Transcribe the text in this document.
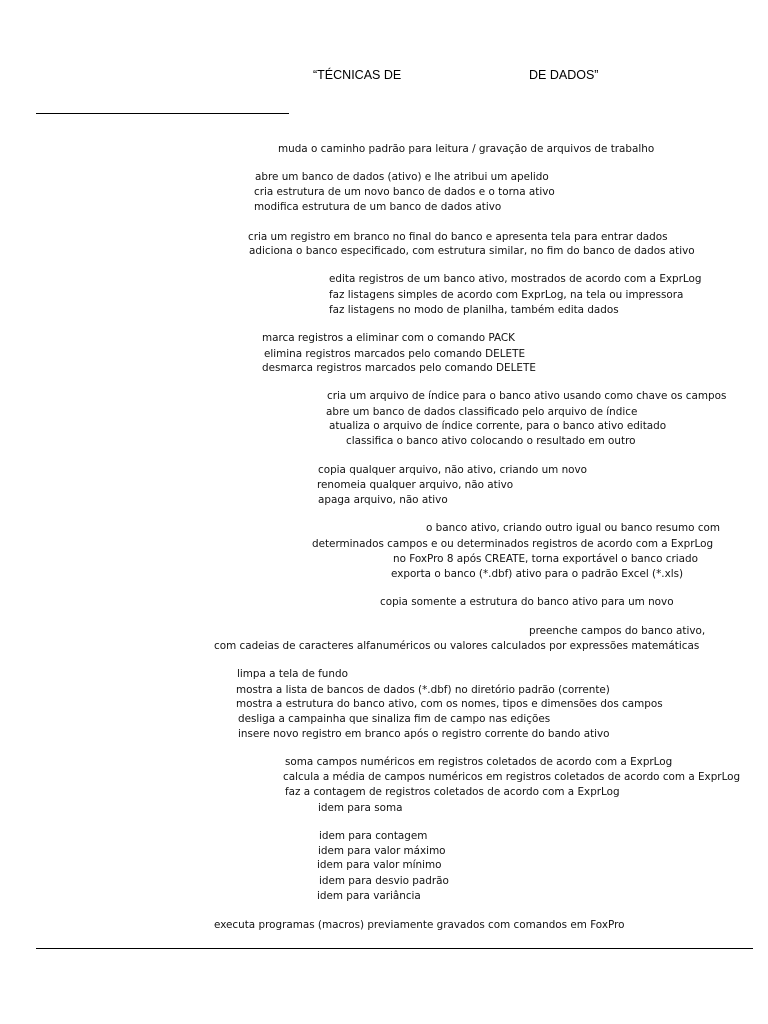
“TÉCNICAS DE	DE DADOS”
muda o caminho padrão para leitura / gravação de arquivos de trabalho
abre um banco de dados (ativo) e lhe atribui um apelido
cria estrutura de um novo banco de dados e o torna ativo
modifica estrutura de um banco de dados ativo
cria um registro em branco no final do banco e apresenta tela para entrar dados
adiciona o banco especificado, com estrutura similar, no fim do banco de dados ativo
edita registros de um banco ativo, mostrados de acordo com a ExprLog
faz listagens simples de acordo com ExprLog, na tela ou impressora
faz listagens no modo de planilha, também edita dados
marca registros a eliminar com o comando PACK
elimina registros marcados pelo comando DELETE
desmarca registros marcados pelo comando DELETE
cria um arquivo de índice para o banco ativo usando como chave os campos
abre um banco de dados classificado pelo arquivo de índice
atualiza o arquivo de índice corrente, para o banco ativo editado
classifica o banco ativo colocando o resultado em outro
copia qualquer arquivo, não ativo, criando um novo
renomeia qualquer arquivo, não ativo
apaga arquivo, não ativo
o banco ativo, criando outro igual ou banco resumo com
determinados campos e ou determinados registros de acordo com a ExprLog
no FoxPro 8 após CREATE, torna exportável o banco criado
exporta o banco (*.dbf) ativo para o padrão Excel (*.xls)
copia somente a estrutura do banco ativo para um novo
preenche campos do banco ativo,
com cadeias de caracteres alfanuméricos ou valores calculados por expressões matemáticas
limpa a tela de fundo
mostra a lista de bancos de dados (*.dbf) no diretório padrão (corrente)
mostra a estrutura do banco ativo, com os nomes, tipos e dimensões dos campos
desliga a campainha que sinaliza fim de campo nas edições
insere novo registro em branco após o registro corrente do bando ativo
soma campos numéricos em registros coletados de acordo com a ExprLog
calcula a média de campos numéricos em registros coletados de acordo com a ExprLog
faz a contagem de registros coletados de acordo com a ExprLog
idem para soma
idem para contagem
idem para valor máximo
idem para valor mínimo
idem para desvio padrão
idem para variância
executa programas (macros) previamente gravados com comandos em FoxPro
